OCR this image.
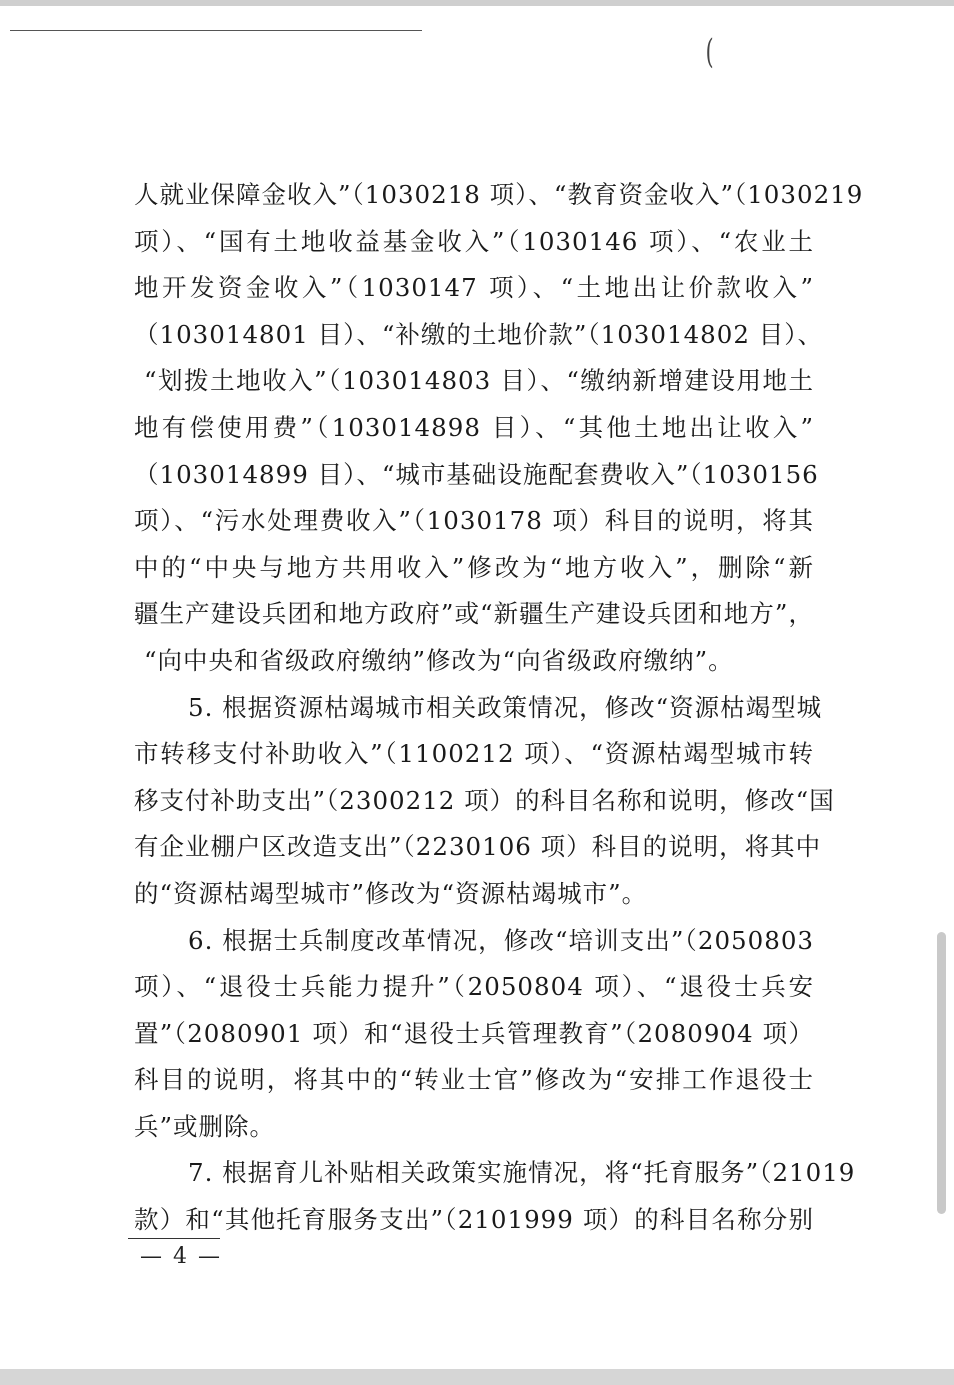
(
人就业保障金收入”（1030218 项）、“教育资金收入”（1030219
项）、“国有土地收益基金收入”（1030146 项）、“农业土
地开发资金收入”（1030147 项）、“土地出让价款收入”
（103014801 目）、“补缴的土地价款”（103014802 目）、
“划拨土地收入”（103014803 目）、“缴纳新增建设用地土
地有偿使用费”（103014898 目）、“其他土地出让收入”
（103014899 目）、“城市基础设施配套费收入”（1030156
项）、“污水处理费收入”（1030178 项）科目的说明，将其
中的“中央与地方共用收入”修改为“地方收入”，删除“新
疆生产建设兵团和地方政府”或“新疆生产建设兵团和地方”，
“向中央和省级政府缴纳”修改为“向省级政府缴纳”。
5. 根据资源枯竭城市相关政策情况，修改“资源枯竭型城
市转移支付补助收入”（1100212 项）、“资源枯竭型城市转
移支付补助支出”（2300212 项）的科目名称和说明，修改“国
有企业棚户区改造支出”（2230106 项）科目的说明，将其中
的“资源枯竭型城市”修改为“资源枯竭城市”。
6. 根据士兵制度改革情况，修改“培训支出”（2050803
项）、“退役士兵能力提升”（2050804 项）、“退役士兵安
置”（2080901 项）和“退役士兵管理教育”（2080904 项）
科目的说明，将其中的“转业士官”修改为“安排工作退役士
兵”或删除。
7. 根据育儿补贴相关政策实施情况，将“托育服务”（21019
款）和“其他托育服务支出”（2101999 项）的科目名称分别
— 4 —
